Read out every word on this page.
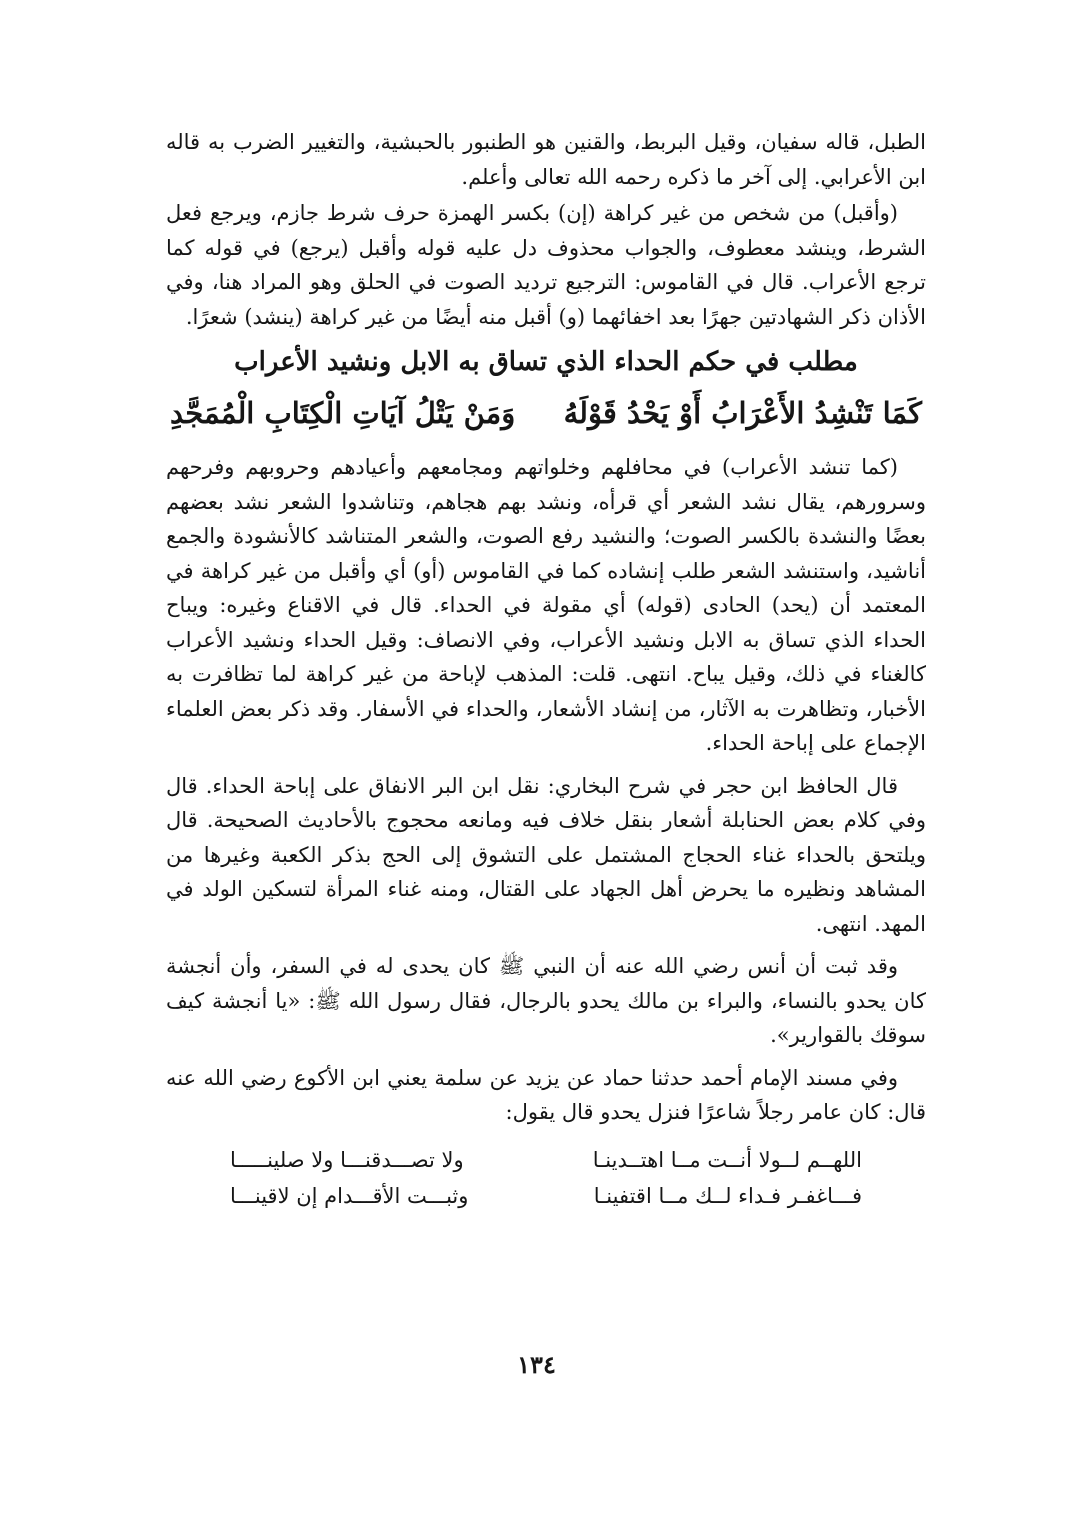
الطبل، قاله سفيان، وقيل البربط، والقنين هو الطنبور بالحبشية، والتغيير الضرب به قاله ابن الأعرابي. إلى آخر ما ذكره رحمه الله تعالى وأعلم.

(وأقبل) من شخص من غير كراهة (إن) بكسر الهمزة حرف شرط جازم، ويرجع فعل الشرط، وينشد معطوف، والجواب محذوف دل عليه قوله وأقبل (يرجع) في قوله كما ترجع الأعراب. قال في القاموس: الترجيع ترديد الصوت في الحلق وهو المراد هنا، وفي الأذان ذكر الشهادتين جهرًا بعد اخفائهما (و) أقبل منه أيضًا من غير كراهة (ينشد) شعرًا.

مطلب في حكم الحداء الذي تساق به الابل ونشيد الأعراب
كَمَا تَنْشِدُ الأَعْرَابُ أَوْ يَحْدُ قَوْلَهُ
وَمَنْ يَتْلُ آيَاتِ الْكِتَابِ الْمُمَجَّدِ

(كما تنشد الأعراب) في محافلهم وخلواتهم ومجامعهم وأعيادهم وحروبهم وفرحهم وسرورهم، يقال نشد الشعر أي قرأه، ونشد بهم هجاهم، وتناشدوا الشعر نشد بعضهم بعضًا والنشدة بالكسر الصوت؛ والنشيد رفع الصوت، والشعر المتناشد كالأنشودة والجمع أناشيد، واستنشد الشعر طلب إنشاده كما في القاموس (أو) أي وأقبل من غير كراهة في المعتمد أن (يحد) الحادى (قوله) أي مقولة في الحداء. قال في الاقناع وغيره: ويباح الحداء الذي تساق به الابل ونشيد الأعراب، وفي الانصاف: وقيل الحداء ونشيد الأعراب كالغناء في ذلك، وقيل يباح. انتهى. قلت: المذهب لإباحة من غير كراهة لما تظافرت به الأخبار، وتظاهرت به الآثار، من إنشاد الأشعار، والحداء في الأسفار. وقد ذكر بعض العلماء الإجماع على إباحة الحداء.

قال الحافظ ابن حجر في شرح البخاري: نقل ابن البر الانفاق على إباحة الحداء. قال وفي كلام بعض الحنابلة أشعار بنقل خلاف فيه ومانعه محجوج بالأحاديث الصحيحة. قال ويلتحق بالحداء غناء الحجاج المشتمل على التشوق إلى الحج بذكر الكعبة وغيرها من المشاهد ونظيره ما يحرض أهل الجهاد على القتال، ومنه غناء المرأة لتسكين الولد في المهد. انتهى.

وقد ثبت أن أنس رضي الله عنه أن النبي ﷺ كان يحدى له في السفر، وأن أنجشة كان يحدو بالنساء، والبراء بن مالك يحدو بالرجال، فقال رسول الله ﷺ: «يا أنجشة كيف سوقك بالقوارير».

وفي مسند الإمام أحمد حدثنا حماد عن يزيد عن سلمة يعني ابن الأكوع رضي الله عنه قال: كان عامر رجلاً شاعرًا فنزل يحدو قال يقول:

اللهــم لــولا أنــت مــا اهتــدينـا
ولا تصـــدقنـــا ولا صلينـــــا
فـــاغفـر فـداء لــك مــا اقتفينـا
وثبـــت الأقـــدام إن لاقينـــا
١٣٤
